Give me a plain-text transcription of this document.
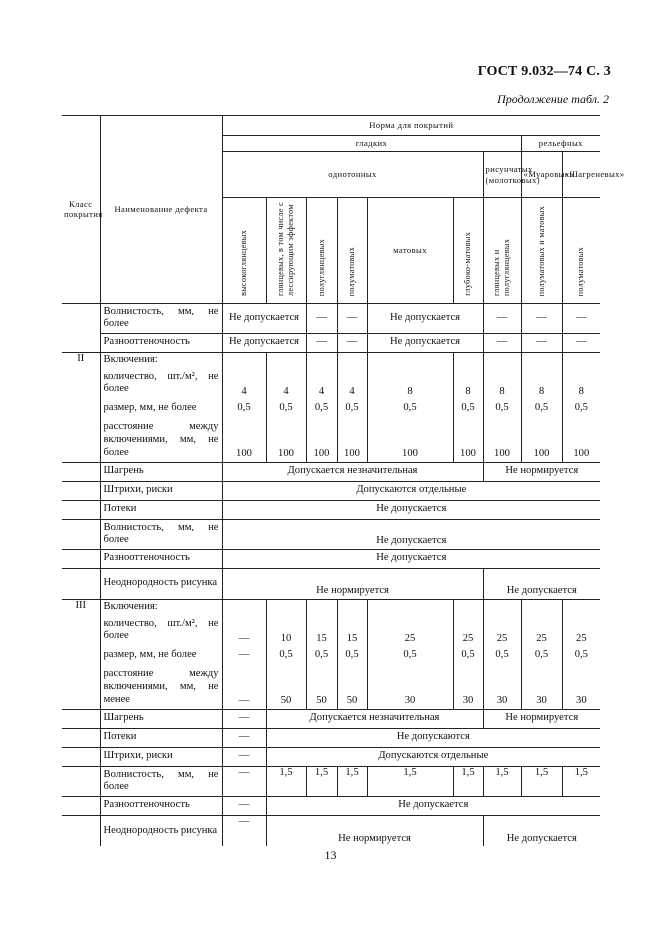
ГОСТ 9.032—74 С. 3
Продолжение табл. 2
Класс покрытия	Наименование дефекта	Норма для покрытий								
		гладких							рельефных	
		однотонных						рисунчатых (молотковых)	«Муаровых»	«Шагреневых»
		высокоглянцевых	глянцевых, в том числе с лессирующим эффектом	полуглянцевых	полуматовых	матовых	глубоко-матовых	глянцевых и полуглянцевых	полуматовых и матовых	полуматовых
	Волнистость, мм, не более	Не допускается		—	—	Не допускается		—	—	—
	Разнооттеночность	Не допускается		—	—	Не допускается		—	—	—
II	Включения:									
	количество, шт./м², не более	4	4	4	4	8	8	8	8	8
	размер, мм, не более	0,5	0,5	0,5	0,5	0,5	0,5	0,5	0,5	0,5
	расстояние между включениями, мм, не более	100	100	100	100	100	100	100	100	100
	Шагрень	Допускается незначительная						Не нормируется		
	Штрихи, риски	Допускаются отдельные								
	Потеки	Не допускается								
	Волнистость, мм, не более	Не допускается								
	Разнооттеночность	Не допускается								
	Неоднородность рисунка	Не нормируется						Не допускается		
III	Включения:									
	количество, шт./м², не более	—	10	15	15	25	25	25	25	25
	размер, мм, не более	—	0,5	0,5	0,5	0,5	0,5	0,5	0,5	0,5
	расстояние между включениями, мм, не менее	—	50	50	50	30	30	30	30	30
	Шагрень	—	Допускается незначительная					Не нормируется		
	Потеки	—	Не допускаются							
	Штрихи, риски	—	Допускаются отдельные							
	Волнистость, мм, не более	—	1,5	1,5	1,5	1,5	1,5	1,5	1,5	1,5
	Разнооттеночность	—	Не допускается							
	Неоднородность рисунка	—	Не нормируется					Не допускается		
13
